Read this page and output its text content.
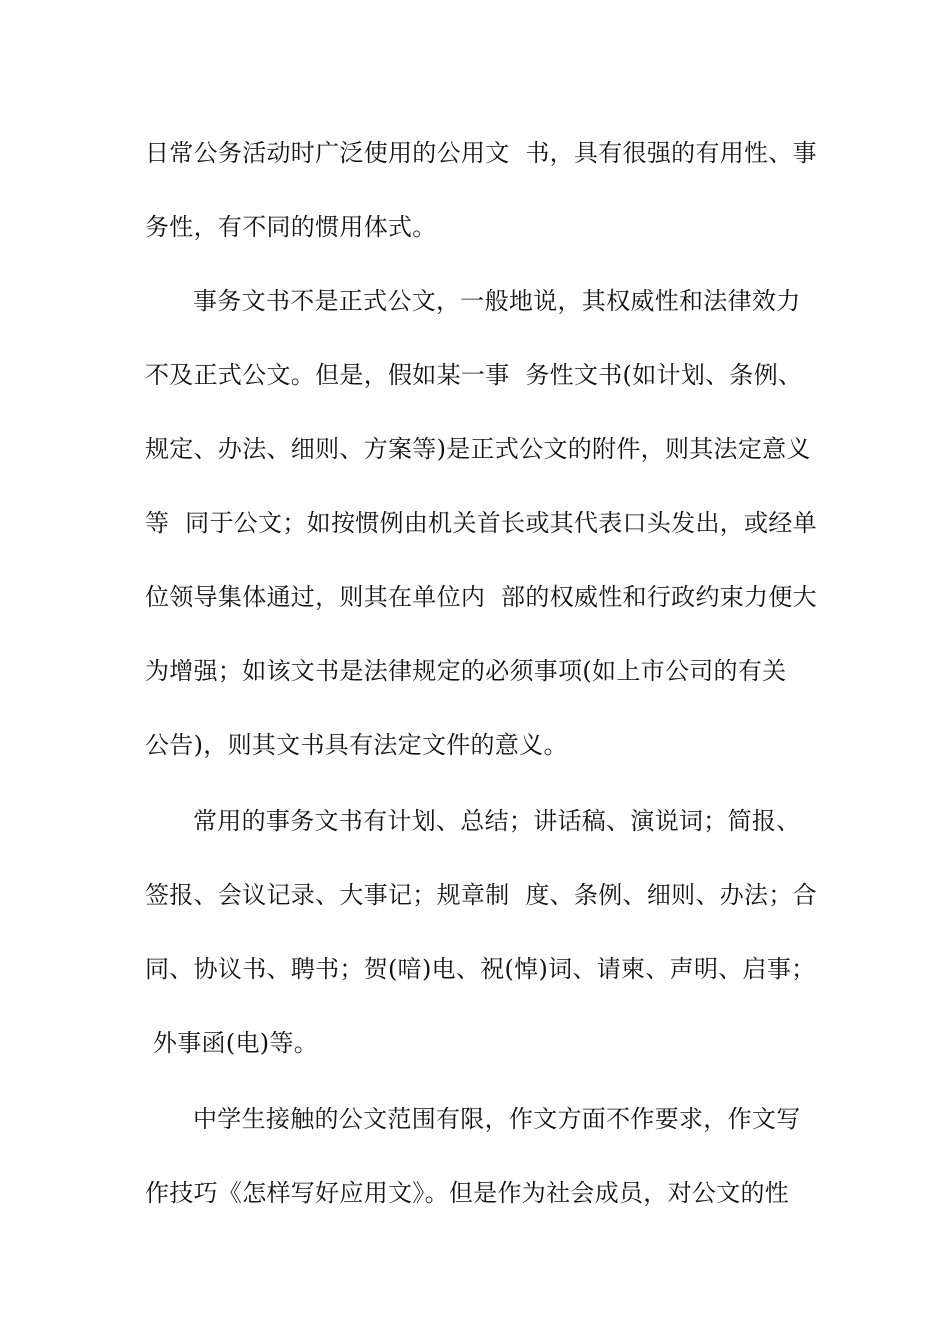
日常公务活动时广泛使用的公用文  书，具有很强的有用性、事
务性，有不同的惯用体式。
事务文书不是正式公文，一般地说，其权威性和法律效力
不及正式公文。但是，假如某一事  务性文书(如计划、条例、
规定、办法、细则、方案等)是正式公文的附件，则其法定意义
等  同于公文；如按惯例由机关首长或其代表口头发出，或经单
位领导集体通过，则其在单位内  部的权威性和行政约束力便大
为增强；如该文书是法律规定的必须事项(如上市公司的有关
公告)，则其文书具有法定文件的意义。
常用的事务文书有计划、总结；讲话稿、演说词；简报、
签报、会议记录、大事记；规章制  度、条例、细则、办法；合
同、协议书、聘书；贺(喑)电、祝(悼)词、请柬、声明、启事；
外事函(电)等。
中学生接触的公文范围有限，作文方面不作要求，作文写
作技巧《怎样写好应用文》。但是作为社会成员，对公文的性
